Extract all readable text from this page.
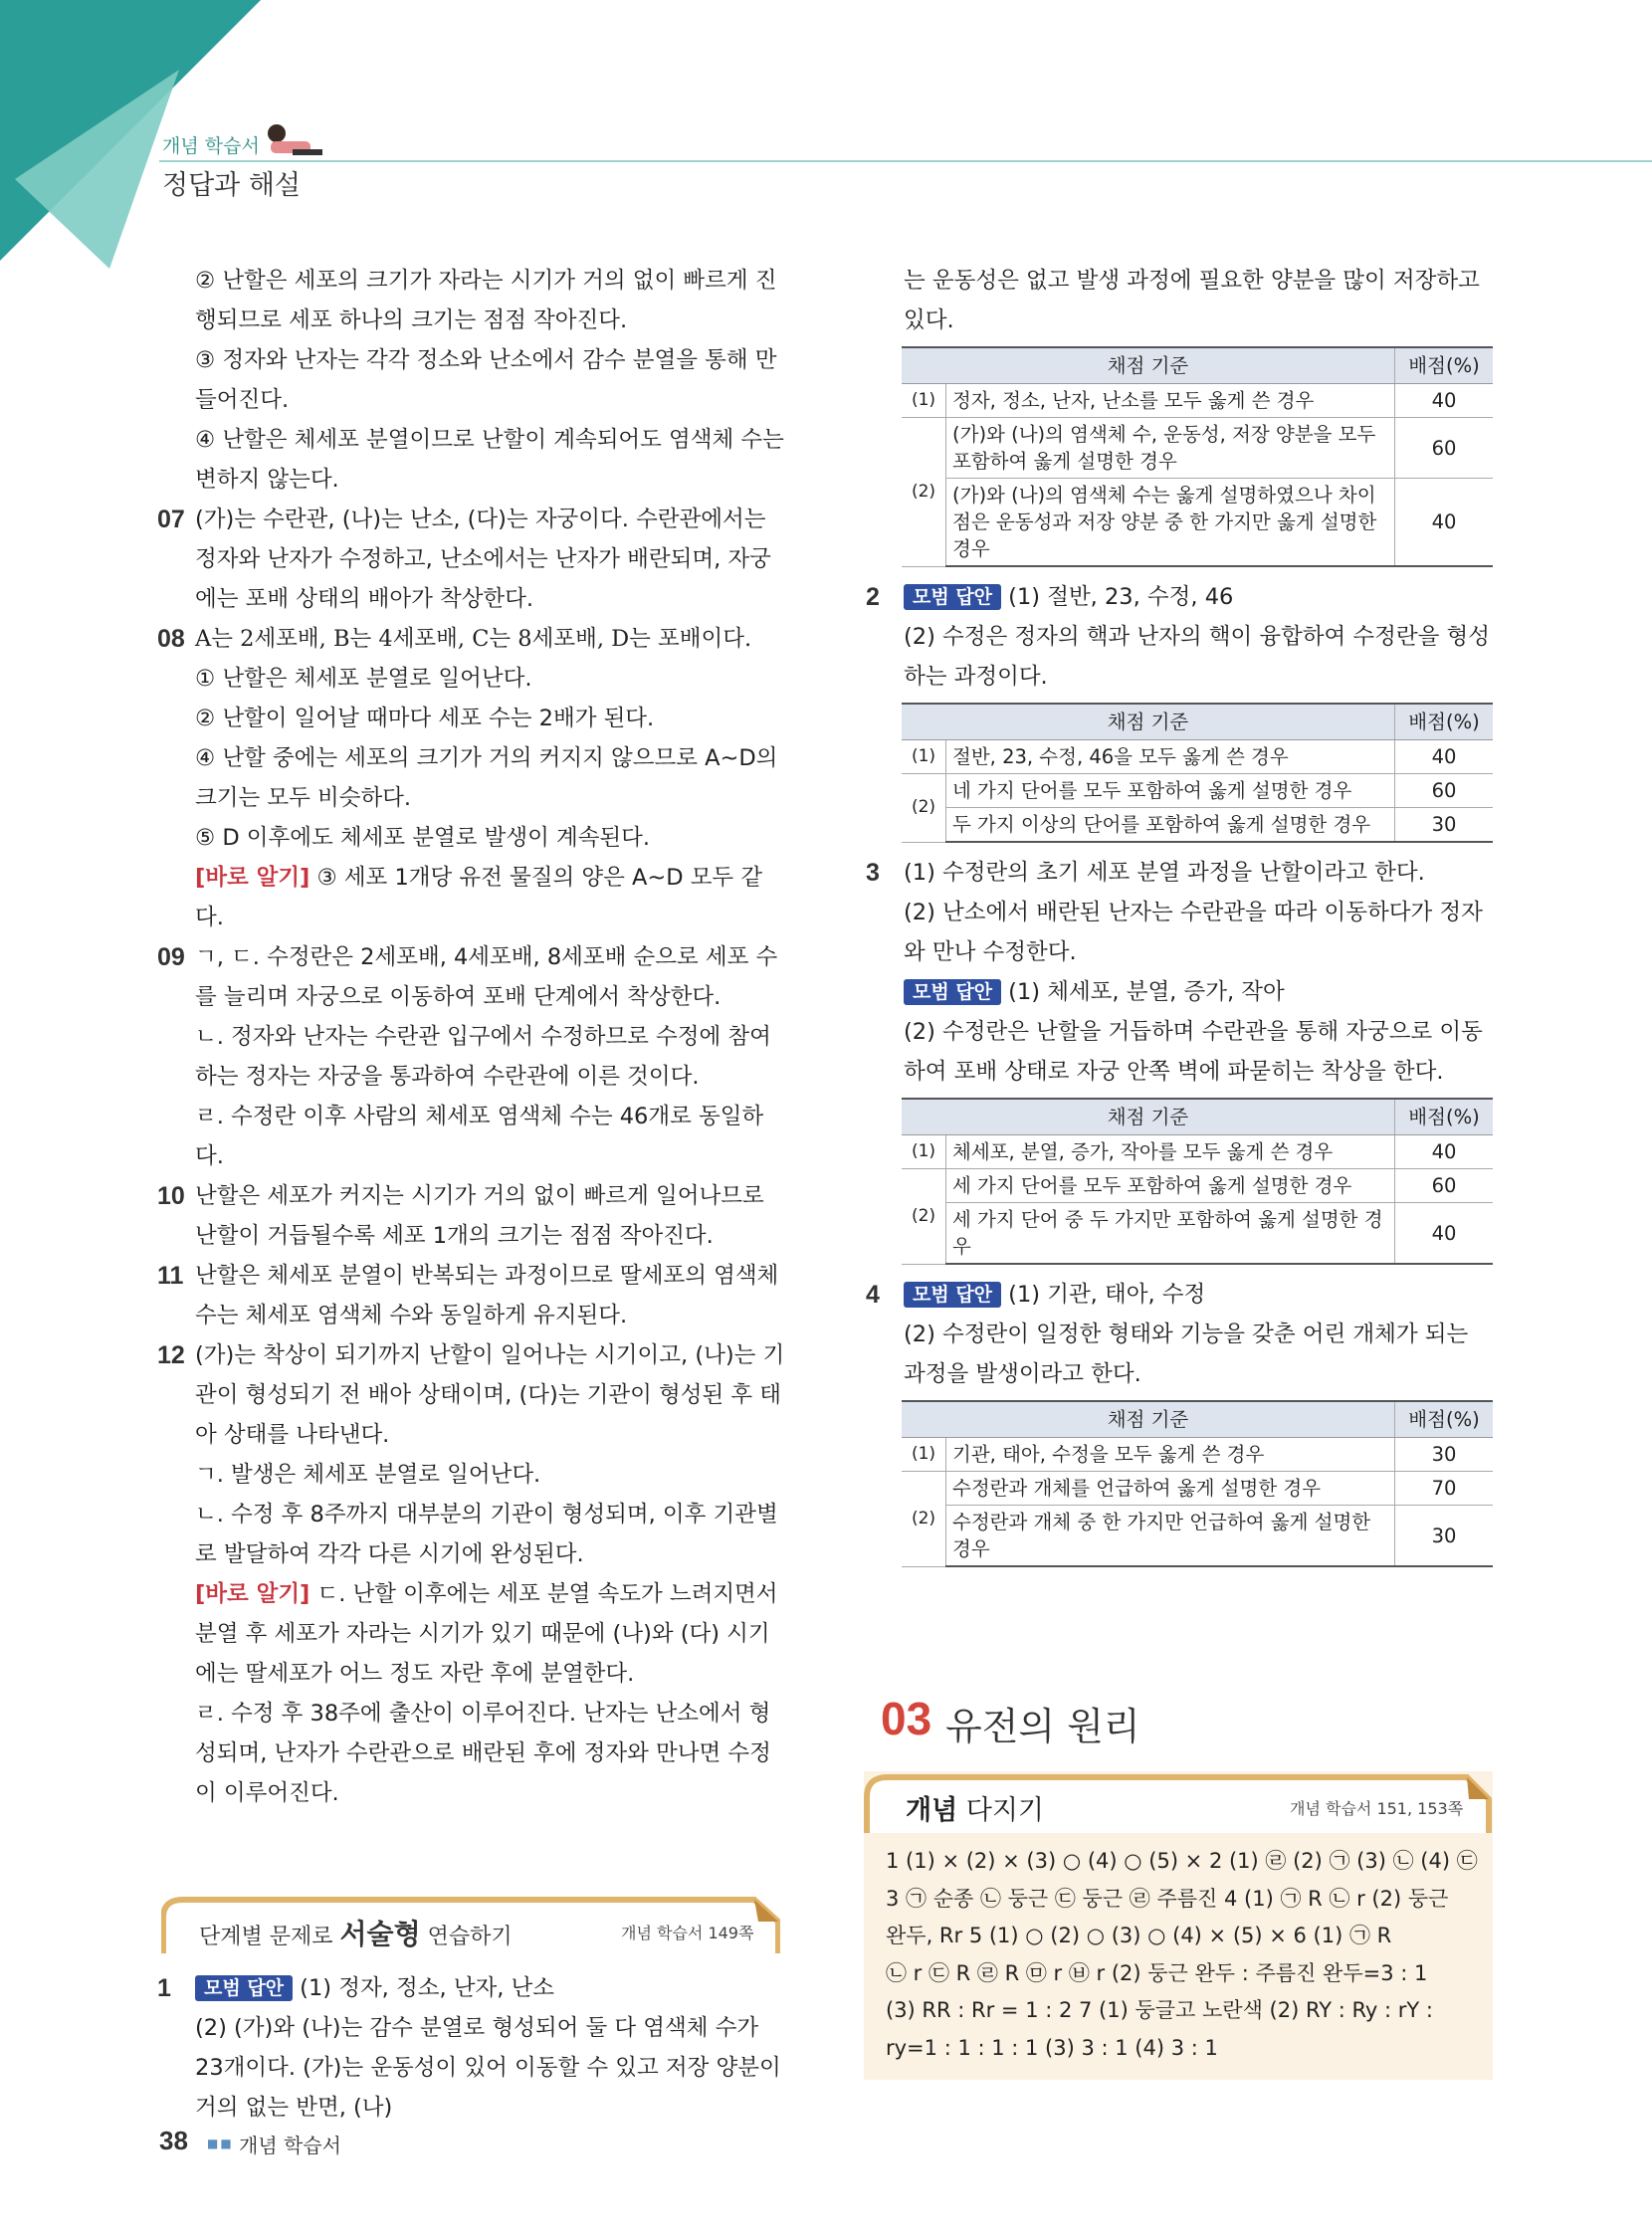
개념 학습서
정답과 해설

② 난할은 세포의 크기가 자라는 시기가 거의 없이 빠르게 진행되므로 세포 하나의 크기는 점점 작아진다.

③ 정자와 난자는 각각 정소와 난소에서 감수 분열을 통해 만들어진다.

④ 난할은 체세포 분열이므로 난할이 계속되어도 염색체 수는 변하지 않는다.

07 (가)는 수란관, (나)는 난소, (다)는 자궁이다. 수란관에서는 정자와 난자가 수정하고, 난소에서는 난자가 배란되며, 자궁에는 포배 상태의 배아가 착상한다.

08 A는 2세포배, B는 4세포배, C는 8세포배, D는 포배이다.

① 난할은 체세포 분열로 일어난다.

② 난할이 일어날 때마다 세포 수는 2배가 된다.

④ 난할 중에는 세포의 크기가 거의 커지지 않으므로 A~D의 크기는 모두 비슷하다.

⑤ D 이후에도 체세포 분열로 발생이 계속된다.

[바로 알기] ③ 세포 1개당 유전 물질의 양은 A~D 모두 같다.

09 ㄱ, ㄷ. 수정란은 2세포배, 4세포배, 8세포배 순으로 세포 수를 늘리며 자궁으로 이동하여 포배 단계에서 착상한다.

ㄴ. 정자와 난자는 수란관 입구에서 수정하므로 수정에 참여하는 정자는 자궁을 통과하여 수란관에 이른 것이다.

ㄹ. 수정란 이후 사람의 체세포 염색체 수는 46개로 동일하다.

10 난할은 세포가 커지는 시기가 거의 없이 빠르게 일어나므로 난할이 거듭될수록 세포 1개의 크기는 점점 작아진다.

11 난할은 체세포 분열이 반복되는 과정이므로 딸세포의 염색체 수는 체세포 염색체 수와 동일하게 유지된다.

12 (가)는 착상이 되기까지 난할이 일어나는 시기이고, (나)는 기관이 형성되기 전 배아 상태이며, (다)는 기관이 형성된 후 태아 상태를 나타낸다.

ㄱ. 발생은 체세포 분열로 일어난다.

ㄴ. 수정 후 8주까지 대부분의 기관이 형성되며, 이후 기관별로 발달하여 각각 다른 시기에 완성된다.

[바로 알기] ㄷ. 난할 이후에는 세포 분열 속도가 느려지면서 분열 후 세포가 자라는 시기가 있기 때문에 (나)와 (다) 시기에는 딸세포가 어느 정도 자란 후에 분열한다.

ㄹ. 수정 후 38주에 출산이 이루어진다. 난자는 난소에서 형성되며, 난자가 수란관으로 배란된 후에 정자와 만나면 수정이 이루어진다.

단계별 문제로 서술형 연습하기	개념 학습서 149쪽
1	모범 답안 (1) 정자, 정소, 난자, 난소

(2) (가)와 (나)는 감수 분열로 형성되어 둘 다 염색체 수가 23개이다. (가)는 운동성이 있어 이동할 수 있고 저장 양분이 거의 없는 반면, (나)

는 운동성은 없고 발생 과정에 필요한 양분을 많이 저장하고 있다.

채점 기준		배점(%)
(1)	정자, 정소, 난자, 난소를 모두 옳게 쓴 경우	40
(2)	(가)와 (나)의 염색체 수, 운동성, 저장 양분을 모두 포함하여 옳게 설명한 경우	60
	(가)와 (나)의 염색체 수는 옳게 설명하였으나 차이점은 운동성과 저장 양분 중 한 가지만 옳게 설명한 경우	40
2	모범 답안 (1) 절반, 23, 수정, 46

(2) 수정은 정자의 핵과 난자의 핵이 융합하여 수정란을 형성하는 과정이다.

채점 기준		배점(%)
(1)	절반, 23, 수정, 46을 모두 옳게 쓴 경우	40
(2)	네 가지 단어를 모두 포함하여 옳게 설명한 경우	60
	두 가지 이상의 단어를 포함하여 옳게 설명한 경우	30
3 (1) 수정란의 초기 세포 분열 과정을 난할이라고 한다.

(2) 난소에서 배란된 난자는 수란관을 따라 이동하다가 정자와 만나 수정한다.

모범 답안 (1) 체세포, 분열, 증가, 작아

(2) 수정란은 난할을 거듭하며 수란관을 통해 자궁으로 이동하여 포배 상태로 자궁 안쪽 벽에 파묻히는 착상을 한다.

채점 기준		배점(%)
(1)	체세포, 분열, 증가, 작아를 모두 옳게 쓴 경우	40
(2)	세 가지 단어를 모두 포함하여 옳게 설명한 경우	60
	세 가지 단어 중 두 가지만 포함하여 옳게 설명한 경우	40
4	모범 답안 (1) 기관, 태아, 수정

(2) 수정란이 일정한 형태와 기능을 갖춘 어린 개체가 되는 과정을 발생이라고 한다.

채점 기준		배점(%)
(1)	기관, 태아, 수정을 모두 옳게 쓴 경우	30
(2)	수정란과 개체를 언급하여 옳게 설명한 경우	70
	수정란과 개체 중 한 가지만 언급하여 옳게 설명한 경우	30
03 유전의 원리
개념 다지기	개념 학습서 151, 153쪽

1 (1) × (2) × (3) ○ (4) ○ (5) × 2 (1) ㉣ (2) ㉠ (3) ㉡ (4) ㉢

3 ㉠ 순종 ㉡ 둥근 ㉢ 둥근 ㉣ 주름진 4 (1) ㉠ R ㉡ r (2) 둥근

완두, Rr 5 (1) ○ (2) ○ (3) ○ (4) × (5) × 6 (1) ㉠ R

㉡ r ㉢ R ㉣ R ㉤ r ㉥ r (2) 둥근 완두 : 주름진 완두=3 : 1

(3) RR : Rr = 1 : 2 7 (1) 둥글고 노란색 (2) RY : Ry : rY :

ry=1 : 1 : 1 : 1 (3) 3 : 1 (4) 3 : 1

38 ■■ 개념 학습서
